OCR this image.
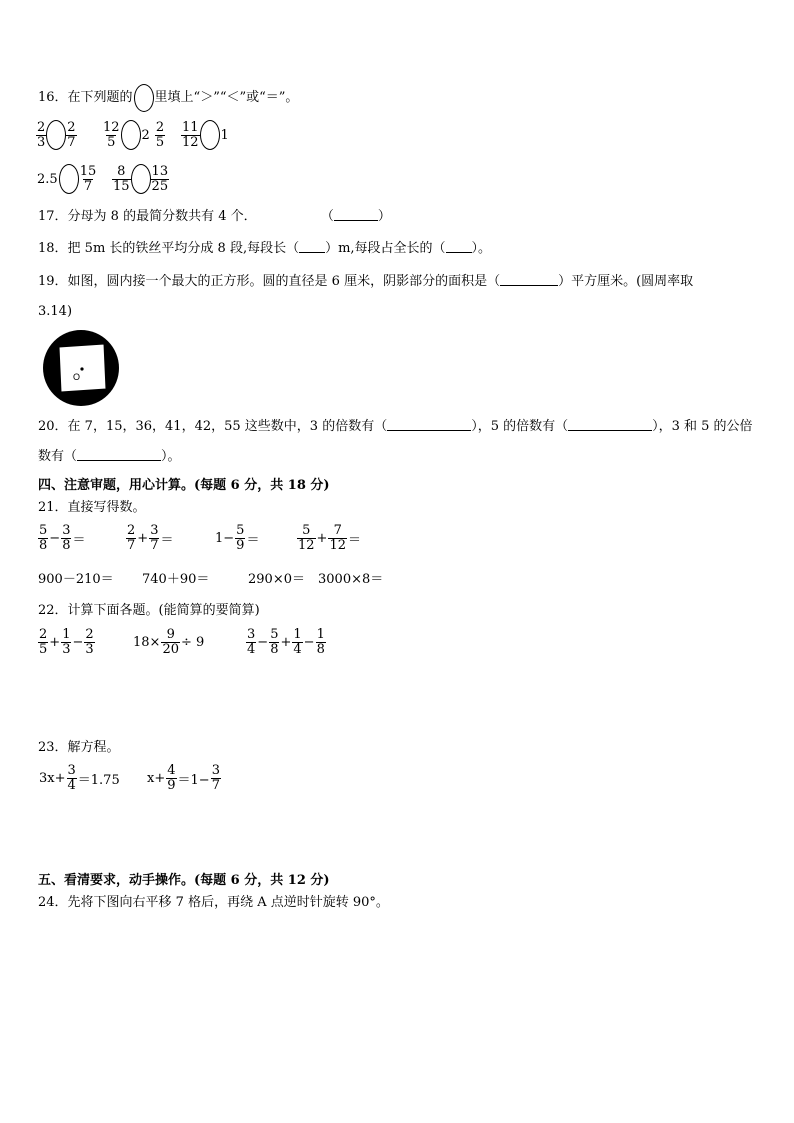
16．在下列题的 里填上“＞”“＜”或“＝”。
$\frac{2}{3} \frac{2}{7} \frac{12}{5} 2 \frac{2}{5} \frac{11}{12} 1$
$2.5 \frac{15}{7} \frac{8}{15} \frac{13}{25}$
17．分母为 8 的最简分数共有 4 个．	（	）
18．把 5m 长的铁丝平均分成 8 段,每段长（ ）m,每段占全长的（ ）。
19．如图，圆内接一个最大的正方形。圆的直径是 6 厘米，阴影部分的面积是（	）平方厘米。(圆周率取
3.14)
O
20．在 7，15，36，41，42，55 这些数中，3 的倍数有（	），5 的倍数有（	），3 和 5 的公倍
数有（	）。
四、注意审题，用心计算。(每题 6 分，共 18 分)
21．直接写得数。
$\frac{5}{8} - \frac{3}{8}$ ＝	$\frac{2}{7} + \frac{3}{7}$ ＝	$1- \frac{5}{9}$ ＝	$\frac{5}{12} + \frac{7}{12}$ ＝
900－210＝ 740＋90＝	290×0＝ 3000×8＝
22．计算下面各题。(能简算的要简算)
$\frac{2}{5} + \frac{1}{3} - \frac{2}{3}$	$18\times \frac{9}{20} \div 9$	$\frac{3}{4} - \frac{5}{8} + \frac{1}{4} - \frac{1}{8}$
23．解方程。
$3x+ \frac{3}{4} =1.75$ $x+ \frac{4}{9} =1- \frac{3}{7}$
五、看清要求，动手操作。(每题 6 分，共 12 分)
24．先将下图向右平移 7 格后，再绕 A 点逆时针旋转 90°。
